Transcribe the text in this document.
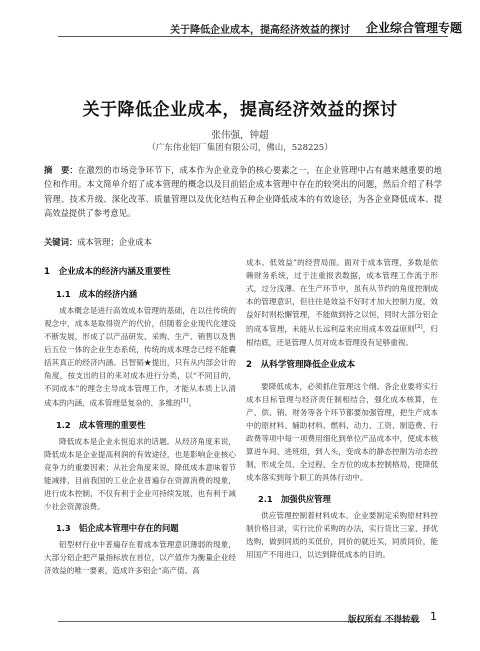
关于降低企业成本，提高经济效益的探讨 企业综合管理专题
关于降低企业成本，提高经济效益的探讨
张伟强，钟超
（广东伟业铝厂集团有限公司，佛山，528225）
摘　要：在激烈的市场竞争环节下，成本作为企业竞争的核心要素之一，在企业管理中占有越来越重要的地位和作用。本文简单介绍了成本管理的概念以及目前铝企成本管理中存在的较突出的问题，然后介绍了科学管理、技术升级、深化改革、质量管理以及优化结构五种企业降低成本的有效途径，为各企业降低成本、提高效益提供了参考意见。
关键词：成本管理；企业成本
1　企业成本的经济内涵及重要性
1.1　成本的经济内涵

成本概念是进行高效成本管理的基础，在以往传统的观念中，成本是取得资产的代价，但随着企业现代化建设不断发展，形成了以产品研发、采购、生产、销售以及售后五位一体的企业生态系统，传统的成本理念已经不能囊括其真正的经济内涵。吕智韬★提出，只有从内部会计的角度，按支出的目的来对成本进行分类，以“不同目的，不同成本”的理念主导成本管理工作，才能从本质上认清成本的内涵，成本管理是复杂的、多维的[1]。

1.2　成本管理的重要性

降低成本是企业永恒追求的话题。从经济角度来说，降低成本是企业提高利润的有效途径，也是影响企业核心竞争力的重要因素；从社会角度来说，降低成本意味着节能减排，目前我国的工业企业普遍存在资源消费的现象，进行成本控制，不仅有利于企业可持续发展，也有利于减少社会资源浪费。

1.3　铝企成本管理中存在的问题

铝型材行业中普遍存在着成本管理意识薄弱的现象，大部分铝企把产量指标放在首位，以产值作为衡量企业经济效益的唯一要素，造成许多铝企“高产值、高

成本、低效益”的经营局面。面对于成本管理，多数是依赖财务系统，过于注重报表数据，成本管理工作流于形式，过分浅薄。在生产环节中，虽有从节约的角度控制成本的管理意识，但往往是效益不好时才加大控制力度，效益好时则松懈管理，不能做到持之以恒，同时大部分铝企的成本管理，未能从长远利益来应用成本效益原则[2]，归根结底，还是管理人员对成本管理没有足够重视。

2　从科学管理降低企业成本

要降低成本，必须抓住管理这个纲。各企业要将实行成本目标管理与经济责任制相结合，强化成本核算，在产、供、销、财务等各个环节都要加强管理，把生产成本中的原材料、辅助材料、燃料、动力、工资、制造费、行政费等项中每一项费用细化到单位产品成本中，使成本核算进车间、进班组，到人头，变成本的静态控制为动态控制，形成全员、全过程、全方位的成本控制格局，使降低成本落实到每个职工的具体行动中。

2.1　加强供应管理

供应管理控制着材料成本。企业要制定采购原材料控制价格目录，实行比价采购的办法，实行货比三家、择优选购，做到同质的买低价，同价的就近买，同质同价，能用国产不用进口，以达到降低成本的目的。

版权所有 不得转载 1
